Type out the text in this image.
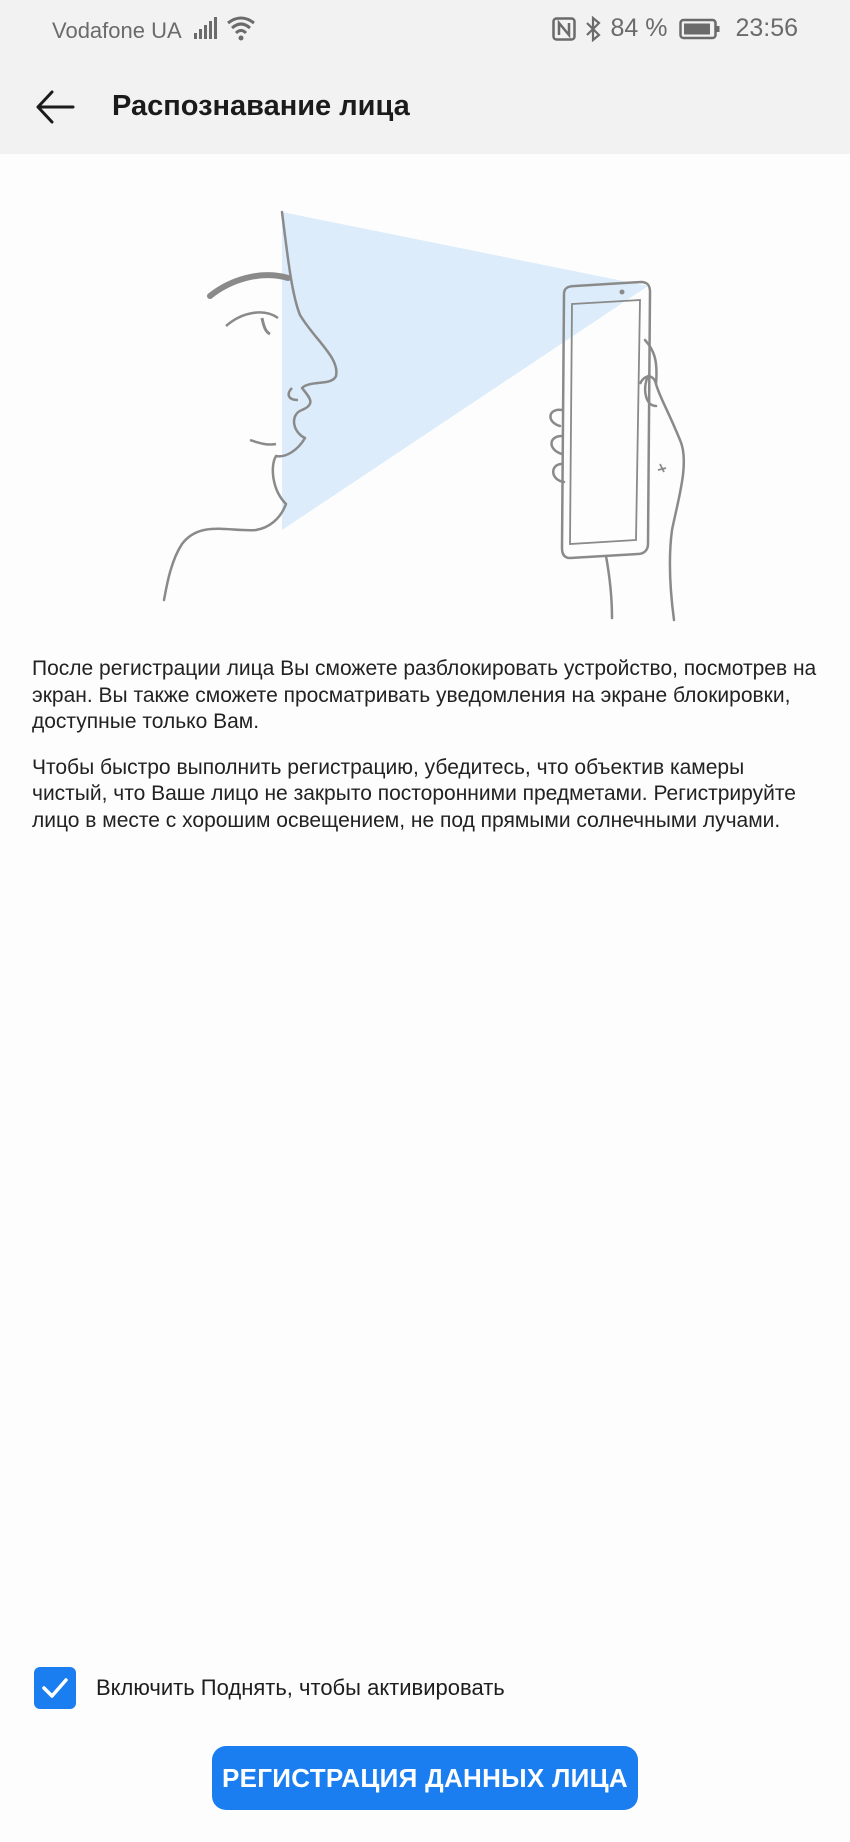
Vodafone UA	84 %	23:56
Распознавание лица

После регистрации лица Вы сможете разблокировать устройство, посмотрев на экран. Вы также сможете просматривать уведомления на экране блокировки, доступные только Вам.

Чтобы быстро выполнить регистрацию, убедитесь, что объектив камеры чистый, что Ваше лицо не закрыто посторонними предметами. Регистрируйте лицо в месте с хорошим освещением, не под прямыми солнечными лучами.

Включить Поднять, чтобы активировать
РЕГИСТРАЦИЯ ДАННЫХ ЛИЦА
